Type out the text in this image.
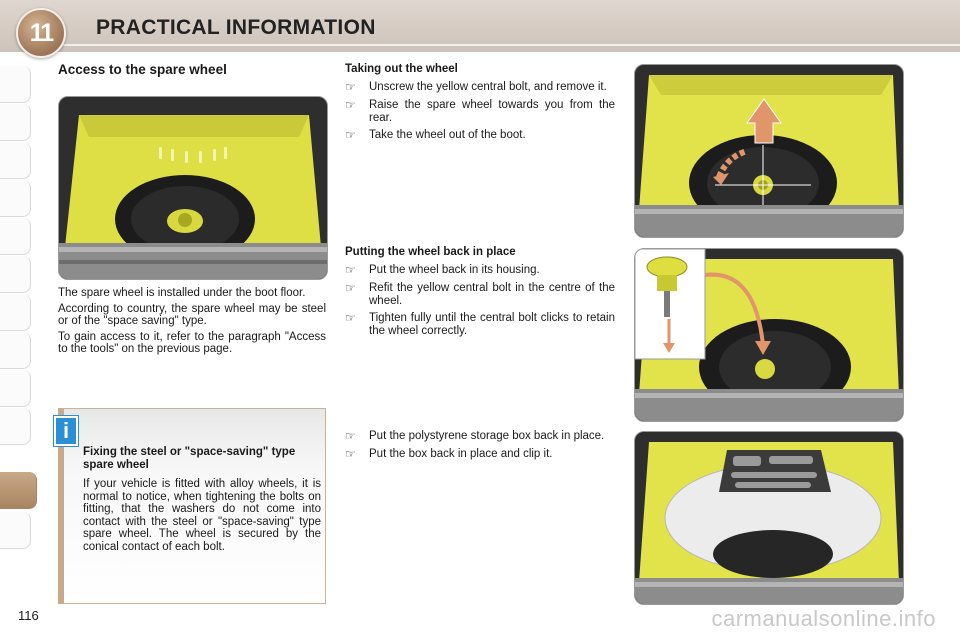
11	PRACTICAL INFORMATION
Access to the spare wheel

The spare wheel is installed under the boot floor.

According to country, the spare wheel may be steel or of the "space saving" type.

To gain access to it, refer to the paragraph "Access to the tools" on the previous page.

i
Fixing the steel or "space-saving" type spare wheel
If your vehicle is fitted with alloy wheels, it is normal to notice, when tightening the bolts on fitting, that the washers do not come into contact with the steel or "space-saving" type spare wheel. The wheel is secured by the conical contact of each bolt.
Taking out the wheel
☞ Unscrew the yellow central bolt, and remove it.
☞ Raise the spare wheel towards you from the rear.
☞ Take the wheel out of the boot.
Putting the wheel back in place
☞ Put the wheel back in its housing.
☞ Refit the yellow central bolt in the centre of the wheel.
☞ Tighten fully until the central bolt clicks to retain the wheel correctly.
☞ Put the polystyrene storage box back in place.
☞ Put the box back in place and clip it.
116	carmanualsonline.info
